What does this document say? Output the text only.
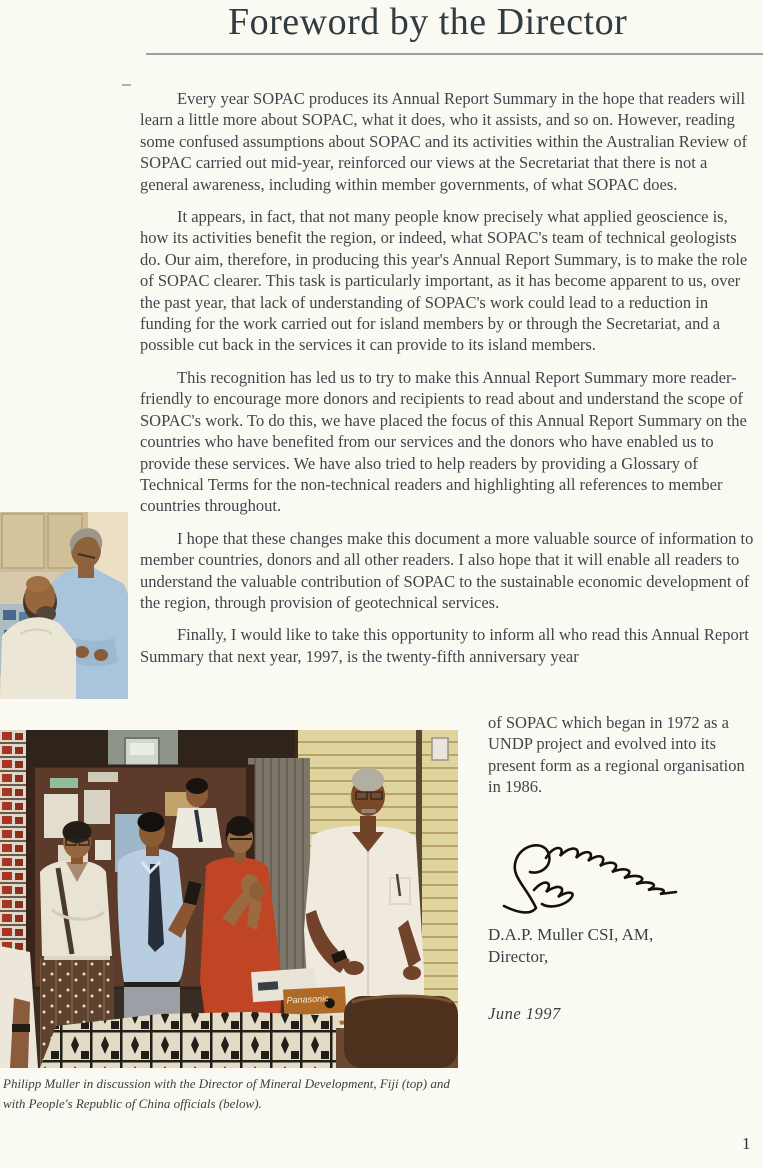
Foreword by the Director

Every year SOPAC produces its Annual Report Summary in the hope that readers will learn a little more about SOPAC, what it does, who it assists, and so on. However, reading some confused assumptions about SOPAC and its activities within the Australian Review of SOPAC carried out mid-year, reinforced our views at the Secretariat that there is not a general awareness, including within member governments, of what SOPAC does.

It appears, in fact, that not many people know precisely what applied geoscience is, how its activities benefit the region, or indeed, what SOPAC's team of technical geologists do. Our aim, therefore, in producing this year's Annual Report Summary, is to make the role of SOPAC clearer. This task is particularly important, as it has become apparent to us, over the past year, that lack of understanding of SOPAC's work could lead to a reduction in funding for the work carried out for island members by or through the Secretariat, and a possible cut back in the services it can provide to its island members.

This recognition has led us to try to make this Annual Report Summary more reader-friendly to encourage more donors and recipients to read about and understand the scope of SOPAC's work. To do this, we have placed the focus of this Annual Report Summary on the countries who have benefited from our services and the donors who have enabled us to provide these services. We have also tried to help readers by providing a Glossary of Technical Terms for the non-technical readers and highlighting all references to member countries throughout.

I hope that these changes make this document a more valuable source of information to member countries, donors and all other readers. I also hope that it will enable all readers to understand the valuable contribution of SOPAC to the sustainable economic development of the region, through provision of geotechnical services.

Finally, I would like to take this opportunity to inform all who read this Annual Report Summary that next year, 1997, is the twenty-fifth anniversary year

Panasonic

of SOPAC which began in 1972 as a UNDP project and evolved into its present form as a regional organisation in 1986.

D.A.P. Muller CSI, AM,
Director,
June 1997
Philipp Muller in discussion with the Director of Mineral Development, Fiji (top) and with People's Republic of China officials (below).
1
